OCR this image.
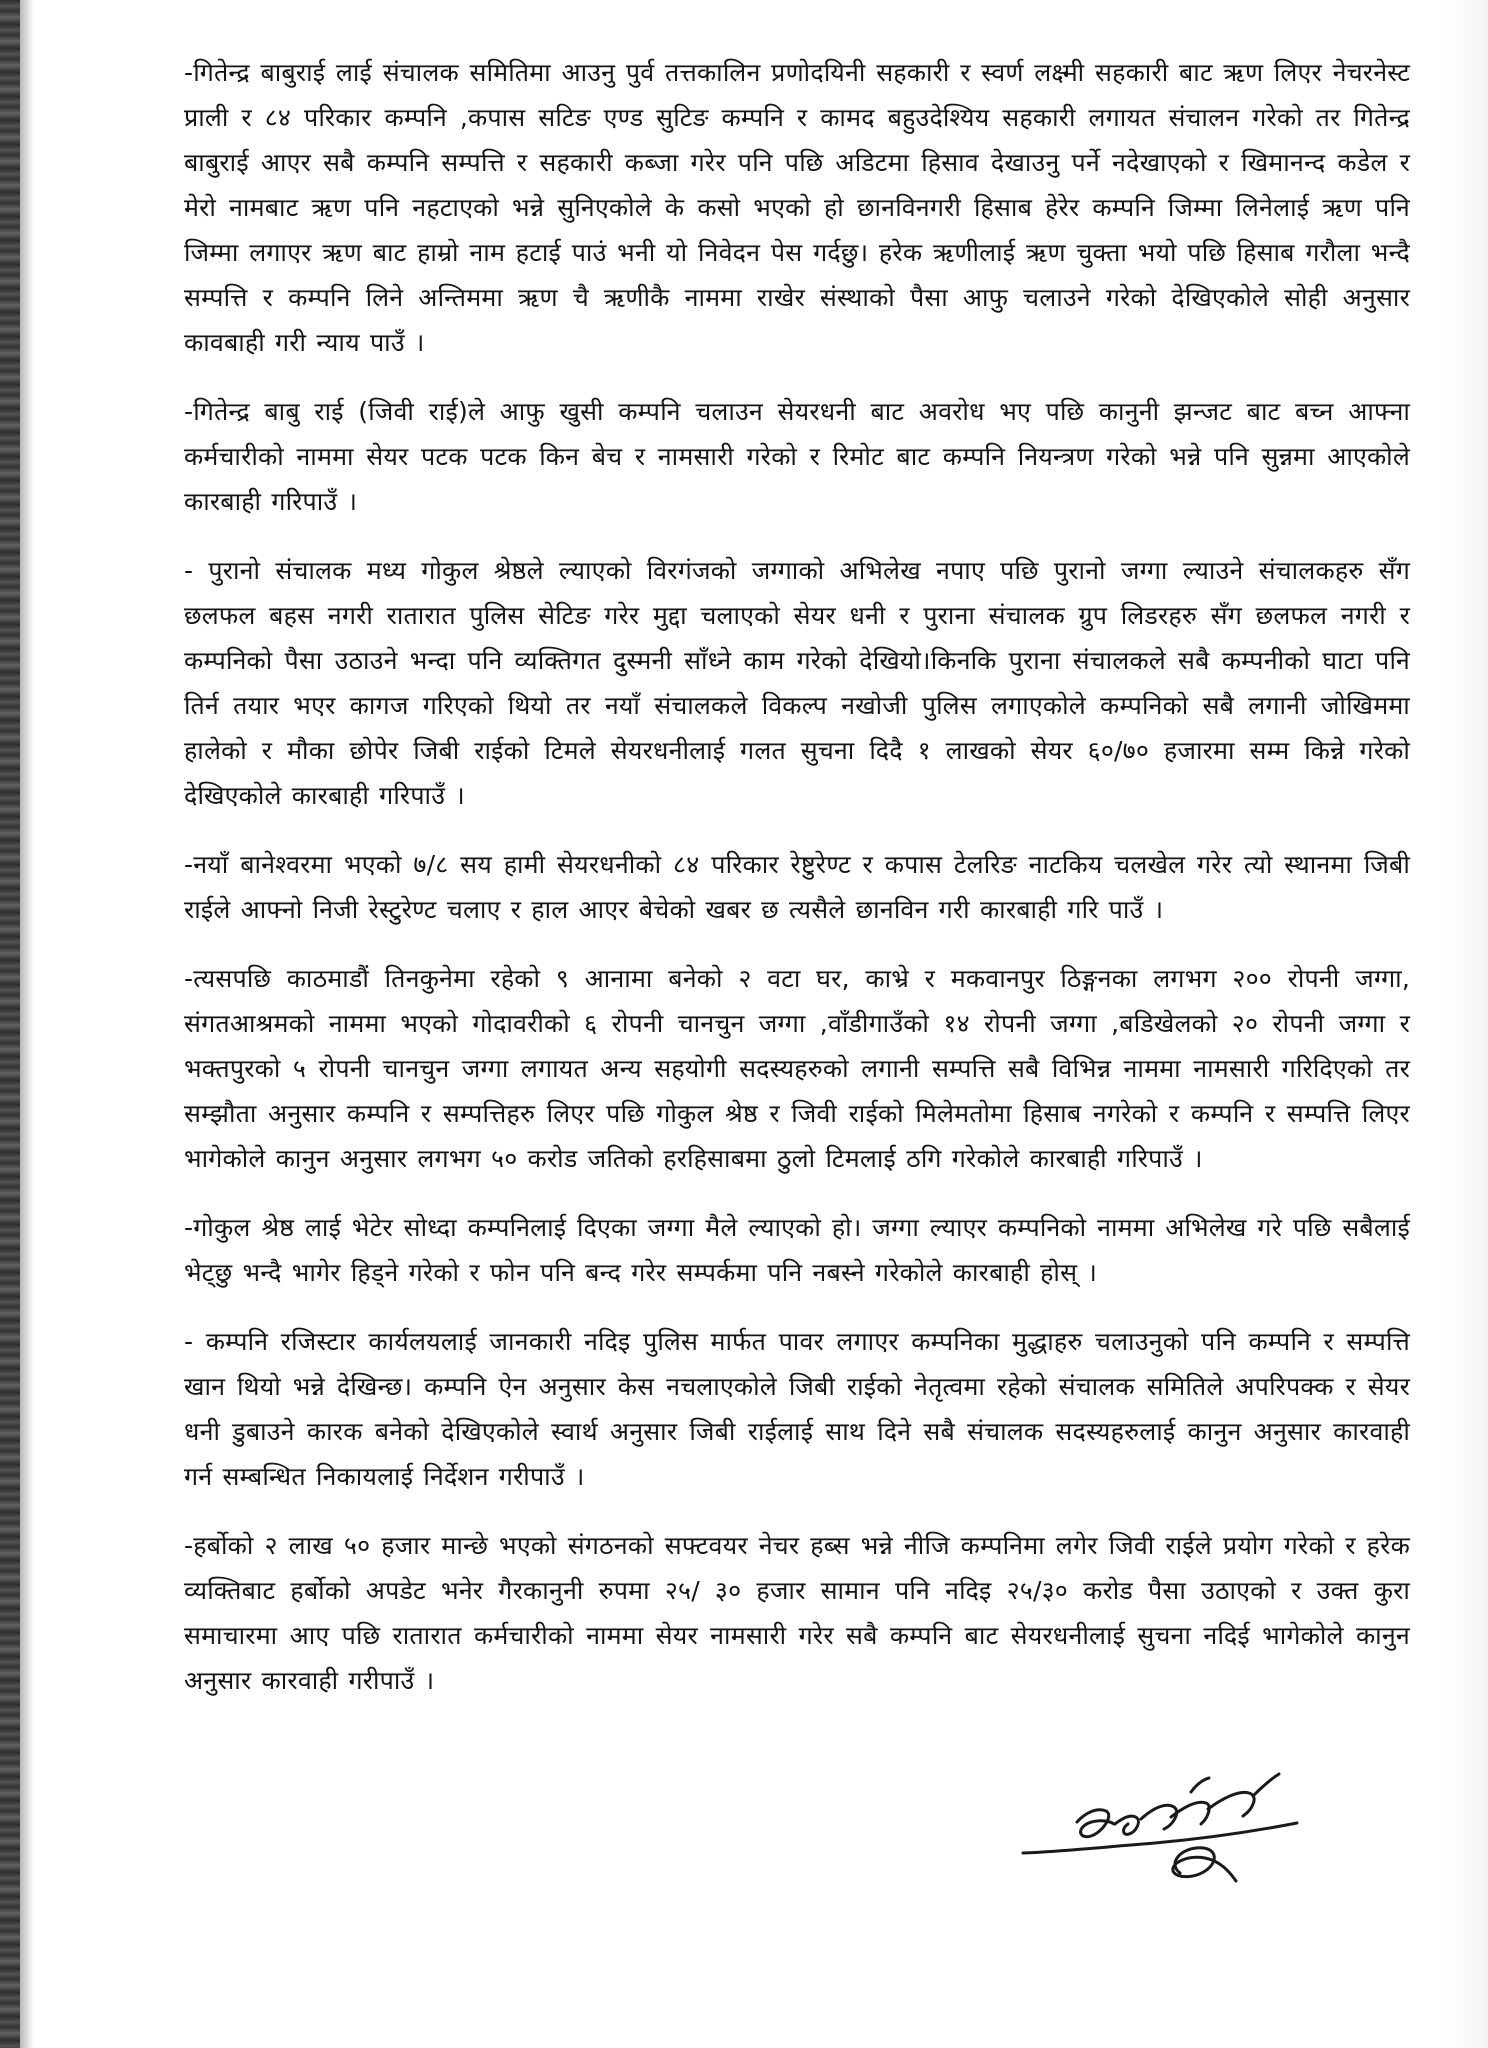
-गितेन्द्र बाबुराई लाई संचालक समितिमा आउनु पुर्व तत्तकालिन प्रणोदयिनी सहकारी र स्वर्ण लक्ष्मी सहकारी बाट ऋण लिएर नेचरनेस्ट प्राली र ८४ परिकार कम्पनि ,कपास सटिङ एण्ड सुटिङ कम्पनि र कामद बहुउदेश्यिय सहकारी लगायत संचालन गरेको तर गितेन्द्र बाबुराई आएर सबै कम्पनि सम्पत्ति र सहकारी कब्जा गरेर पनि पछि अडिटमा हिसाव देखाउनु पर्ने नदेखाएको र खिमानन्द कडेल र मेरो नामबाट ऋण पनि नहटाएको भन्ने सुनिएकोले के कसो भएको हो छानविनगरी हिसाब हेरेर कम्पनि जिम्मा लिनेलाई ऋण पनि जिम्मा लगाएर ऋण बाट हाम्रो नाम हटाई पाउं भनी यो निवेदन पेस गर्दछु। हरेक ऋणीलाई ऋण चुक्ता भयो पछि हिसाब गरौला भन्दै सम्पत्ति र कम्पनि लिने अन्तिममा ऋण चै ऋणीकै नाममा राखेर संस्थाको पैसा आफु चलाउने गरेको देखिएकोले सोही अनुसार कावबाही गरी न्याय पाउँ ।

-गितेन्द्र बाबु राई (जिवी राई)ले आफु खुसी कम्पनि चलाउन सेयरधनी बाट अवरोध भए पछि कानुनी झन्जट बाट बच्न आफ्ना कर्मचारीको नाममा सेयर पटक पटक किन बेच र नामसारी गरेको र रिमोट बाट कम्पनि नियन्त्रण गरेको भन्ने पनि सुन्नमा आएकोले कारबाही गरिपाउँ ।

- पुरानो संचालक मध्य गोकुल श्रेष्ठले ल्याएको विरगंजको जग्गाको अभिलेख नपाए पछि पुरानो जग्गा ल्याउने संचालकहरु सँग छलफल बहस नगरी रातारात पुलिस सेटिङ गरेर मुद्दा चलाएको सेयर धनी र पुराना संचालक ग्रुप लिडरहरु सँग छलफल नगरी र कम्पनिको पैसा उठाउने भन्दा पनि व्यक्तिगत दुस्मनी साँध्ने काम गरेको देखियो।किनकि पुराना संचालकले सबै कम्पनीको घाटा पनि तिर्न तयार भएर कागज गरिएको थियो तर नयाँ संचालकले विकल्प नखोजी पुलिस लगाएकोले कम्पनिको सबै लगानी जोखिममा हालेको र मौका छोपेर जिबी राईको टिमले सेयरधनीलाई गलत सुचना दिदै १ लाखको सेयर ६०/७० हजारमा सम्म किन्ने गरेको देखिएकोले कारबाही गरिपाउँ ।

-नयाँ बानेश्वरमा भएको ७/८ सय हामी सेयरधनीको ८४ परिकार रेष्टुरेण्ट र कपास टेलरिङ नाटकिय चलखेल गरेर त्यो स्थानमा जिबी राईले आफ्नो निजी रेस्टुरेण्ट चलाए र हाल आएर बेचेको खबर छ त्यसैले छानविन गरी कारबाही गरि पाउँ ।

-त्यसपछि काठमाडौं तिनकुनेमा रहेको ९ आनामा बनेको २ वटा घर, काभ्रे र मकवानपुर ठिङ्गनका लगभग २०० रोपनी जग्गा, संगतआश्रमको नाममा भएको गोदावरीको ६ रोपनी चानचुन जग्गा ,वाँडीगाउँको १४ रोपनी जग्गा ,बडिखेलको २० रोपनी जग्गा र भक्तपुरको ५ रोपनी चानचुन जग्गा लगायत अन्य सहयोगी सदस्यहरुको लगानी सम्पत्ति सबै विभिन्न नाममा नामसारी गरिदिएको तर सम्झौता अनुसार कम्पनि र सम्पत्तिहरु लिएर पछि गोकुल श्रेष्ठ र जिवी राईको मिलेमतोमा हिसाब नगरेको र कम्पनि र सम्पत्ति लिएर भागेकोले कानुन अनुसार लगभग ५० करोड जतिको हरहिसाबमा ठुलो टिमलाई ठगि गरेकोले कारबाही गरिपाउँ ।

-गोकुल श्रेष्ठ लाई भेटेर सोध्दा कम्पनिलाई दिएका जग्गा मैले ल्याएको हो। जग्गा ल्याएर कम्पनिको नाममा अभिलेख गरे पछि सबैलाई भेट्छु भन्दै भागेर हिड्ने गरेको र फोन पनि बन्द गरेर सम्पर्कमा पनि नबस्ने गरेकोले कारबाही होस् ।

- कम्पनि रजिस्टार कार्यलयलाई जानकारी नदिइ पुलिस मार्फत पावर लगाएर कम्पनिका मुद्धाहरु चलाउनुको पनि कम्पनि र सम्पत्ति खान थियो भन्ने देखिन्छ। कम्पनि ऐन अनुसार केस नचलाएकोले जिबी राईको नेतृत्वमा रहेको संचालक समितिले अपरिपक्क र सेयर धनी डुबाउने कारक बनेको देखिएकोले स्वार्थ अनुसार जिबी राईलाई साथ दिने सबै संचालक सदस्यहरुलाई कानुन अनुसार कारवाही गर्न सम्बन्धित निकायलाई निर्देशन गरीपाउँ ।

-हर्बोको २ लाख ५० हजार मान्छे भएको संगठनको सफ्टवयर नेचर हब्स भन्ने नीजि कम्पनिमा लगेर जिवी राईले प्रयोग गरेको र हरेक व्यक्तिबाट हर्बोको अपडेट भनेर गैरकानुनी रुपमा २५/ ३० हजार सामान पनि नदिइ २५/३० करोड पैसा उठाएको र उक्त कुरा समाचारमा आए पछि रातारात कर्मचारीको नाममा सेयर नामसारी गरेर सबै कम्पनि बाट सेयरधनीलाई सुचना नदिई भागेकोले कानुन अनुसार कारवाही गरीपाउँ ।
